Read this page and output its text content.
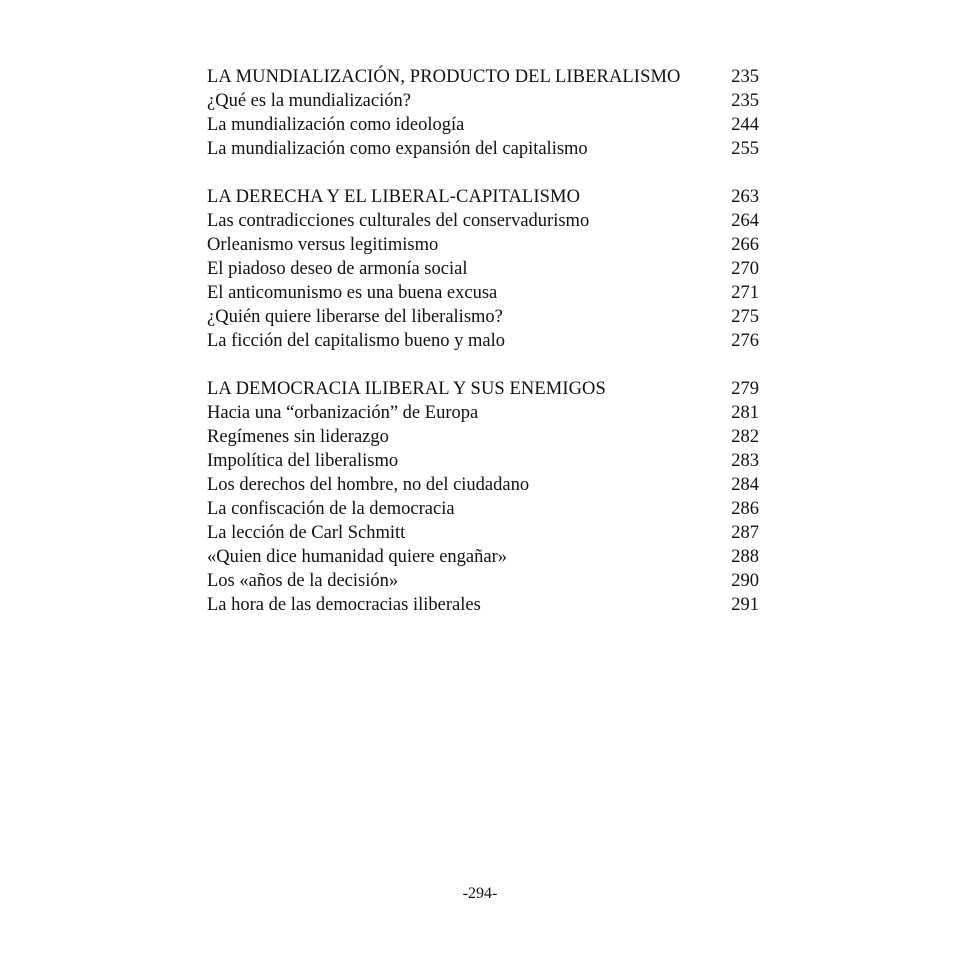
LA MUNDIALIZACIÓN, PRODUCTO DEL LIBERALISMO	235
¿Qué es la mundialización?	235
La mundialización como ideología	244
La mundialización como expansión del capitalismo	255
LA DERECHA Y EL LIBERAL-CAPITALISMO	263
Las contradicciones culturales del conservadurismo	264
Orleanismo versus legitimismo	266
El piadoso deseo de armonía social	270
El anticomunismo es una buena excusa	271
¿Quién quiere liberarse del liberalismo?	275
La ficción del capitalismo bueno y malo	276
LA DEMOCRACIA ILIBERAL Y SUS ENEMIGOS	279
Hacia una “orbanización” de Europa	281
Regímenes sin liderazgo	282
Impolítica del liberalismo	283
Los derechos del hombre, no del ciudadano	284
La confiscación de la democracia	286
La lección de Carl Schmitt	287
«Quien dice humanidad quiere engañar»	288
Los «años de la decisión»	290
La hora de las democracias iliberales	291
-294-
